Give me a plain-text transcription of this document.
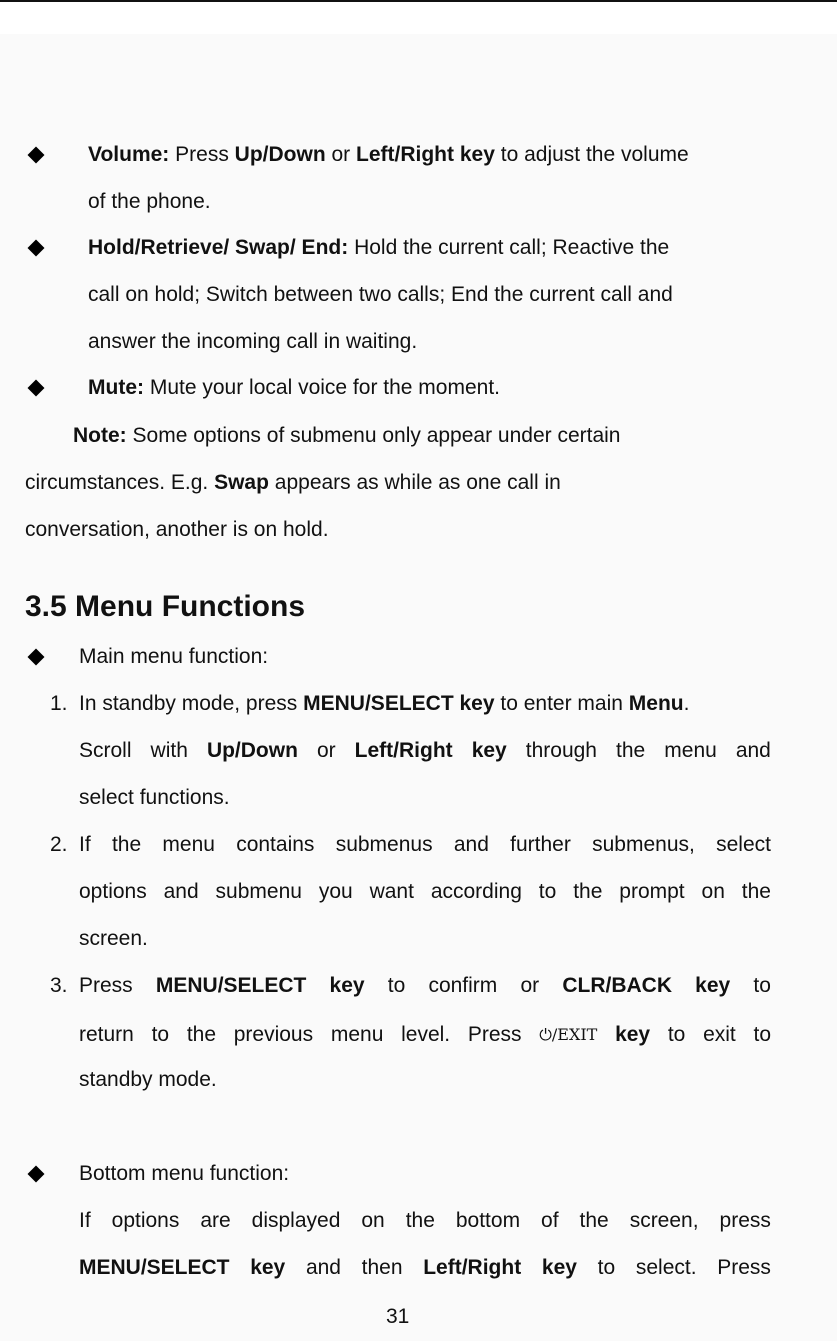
Volume: Press Up/Down or Left/Right key to adjust the volume
of the phone.
Hold/Retrieve/ Swap/ End: Hold the current call; Reactive the
call on hold; Switch between two calls; End the current call and
answer the incoming call in waiting.
Mute: Mute your local voice for the moment.
Note: Some options of submenu only appear under certain
circumstances. E.g. Swap appears as while as one call in
conversation, another is on hold.
3.5 Menu Functions
Main menu function:
1. In standby mode, press MENU/SELECT key to enter main Menu.
Scroll with Up/Down or Left/Right key through the menu and
select functions.
2. If the menu contains submenus and further submenus, select
options and submenu you want according to the prompt on the
screen.
3. Press MENU/SELECT key to confirm or CLR/BACK key to
return to the previous menu level. Press ⏻/EXIT key to exit to
standby mode.
Bottom menu function:
If options are displayed on the bottom of the screen, press
MENU/SELECT key and then Left/Right key to select. Press
31
